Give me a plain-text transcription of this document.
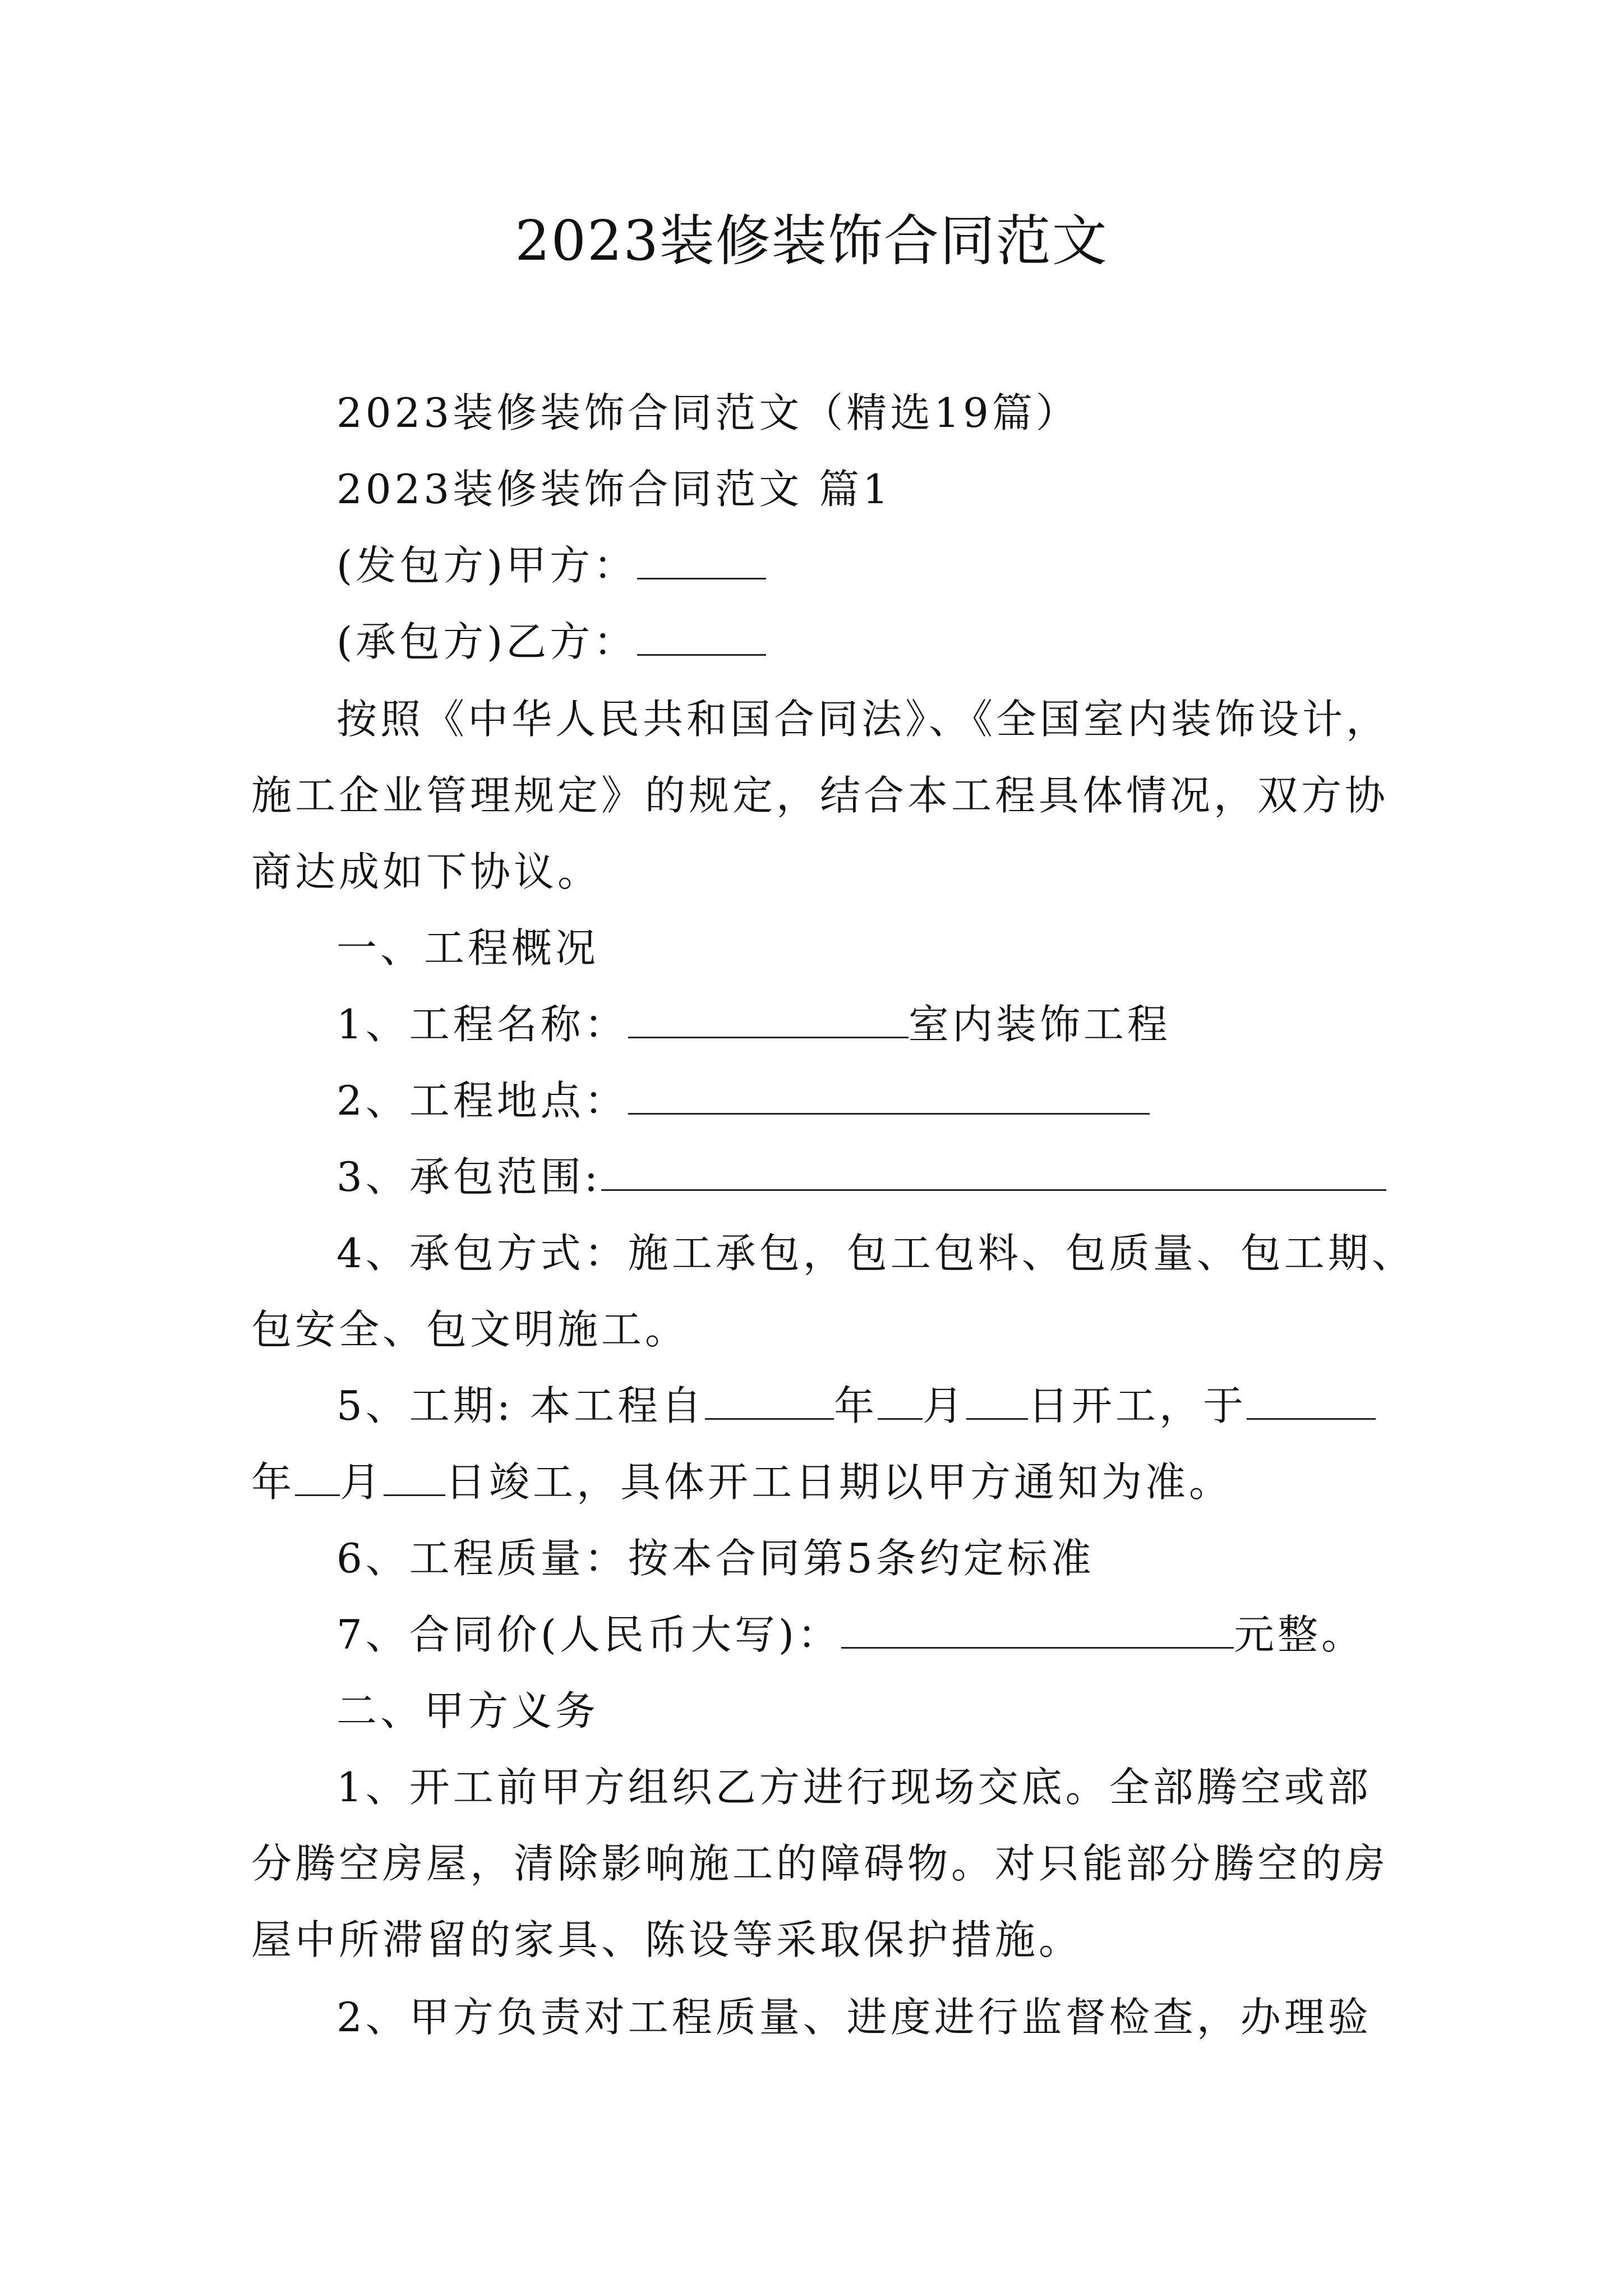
2023装修装饰合同范文
2023装修装饰合同范文（精选19篇）
2023装修装饰合同范文 篇1
(发包方)甲方：
(承包方)乙方：
按照《中华人民共和国合同法》、《全国室内装饰设计，
施工企业管理规定》的规定，结合本工程具体情况，双方协
商达成如下协议。
一、工程概况
1、工程名称：	室内装饰工程
2、工程地点：
3、承包范围:
4、承包方式：施工承包，包工包料、包质量、包工期、
包安全、包文明施工。
5、工期: 本工程自	年 月 日开工，于
年 月 日竣工，具体开工日期以甲方通知为准。
6、工程质量：按本合同第5条约定标准
7、合同价(人民币大写)：	元整。
二、甲方义务
1、开工前甲方组织乙方进行现场交底。全部腾空或部
分腾空房屋，清除影响施工的障碍物。对只能部分腾空的房
屋中所滞留的家具、陈设等采取保护措施。
2、甲方负责对工程质量、进度进行监督检查，办理验
